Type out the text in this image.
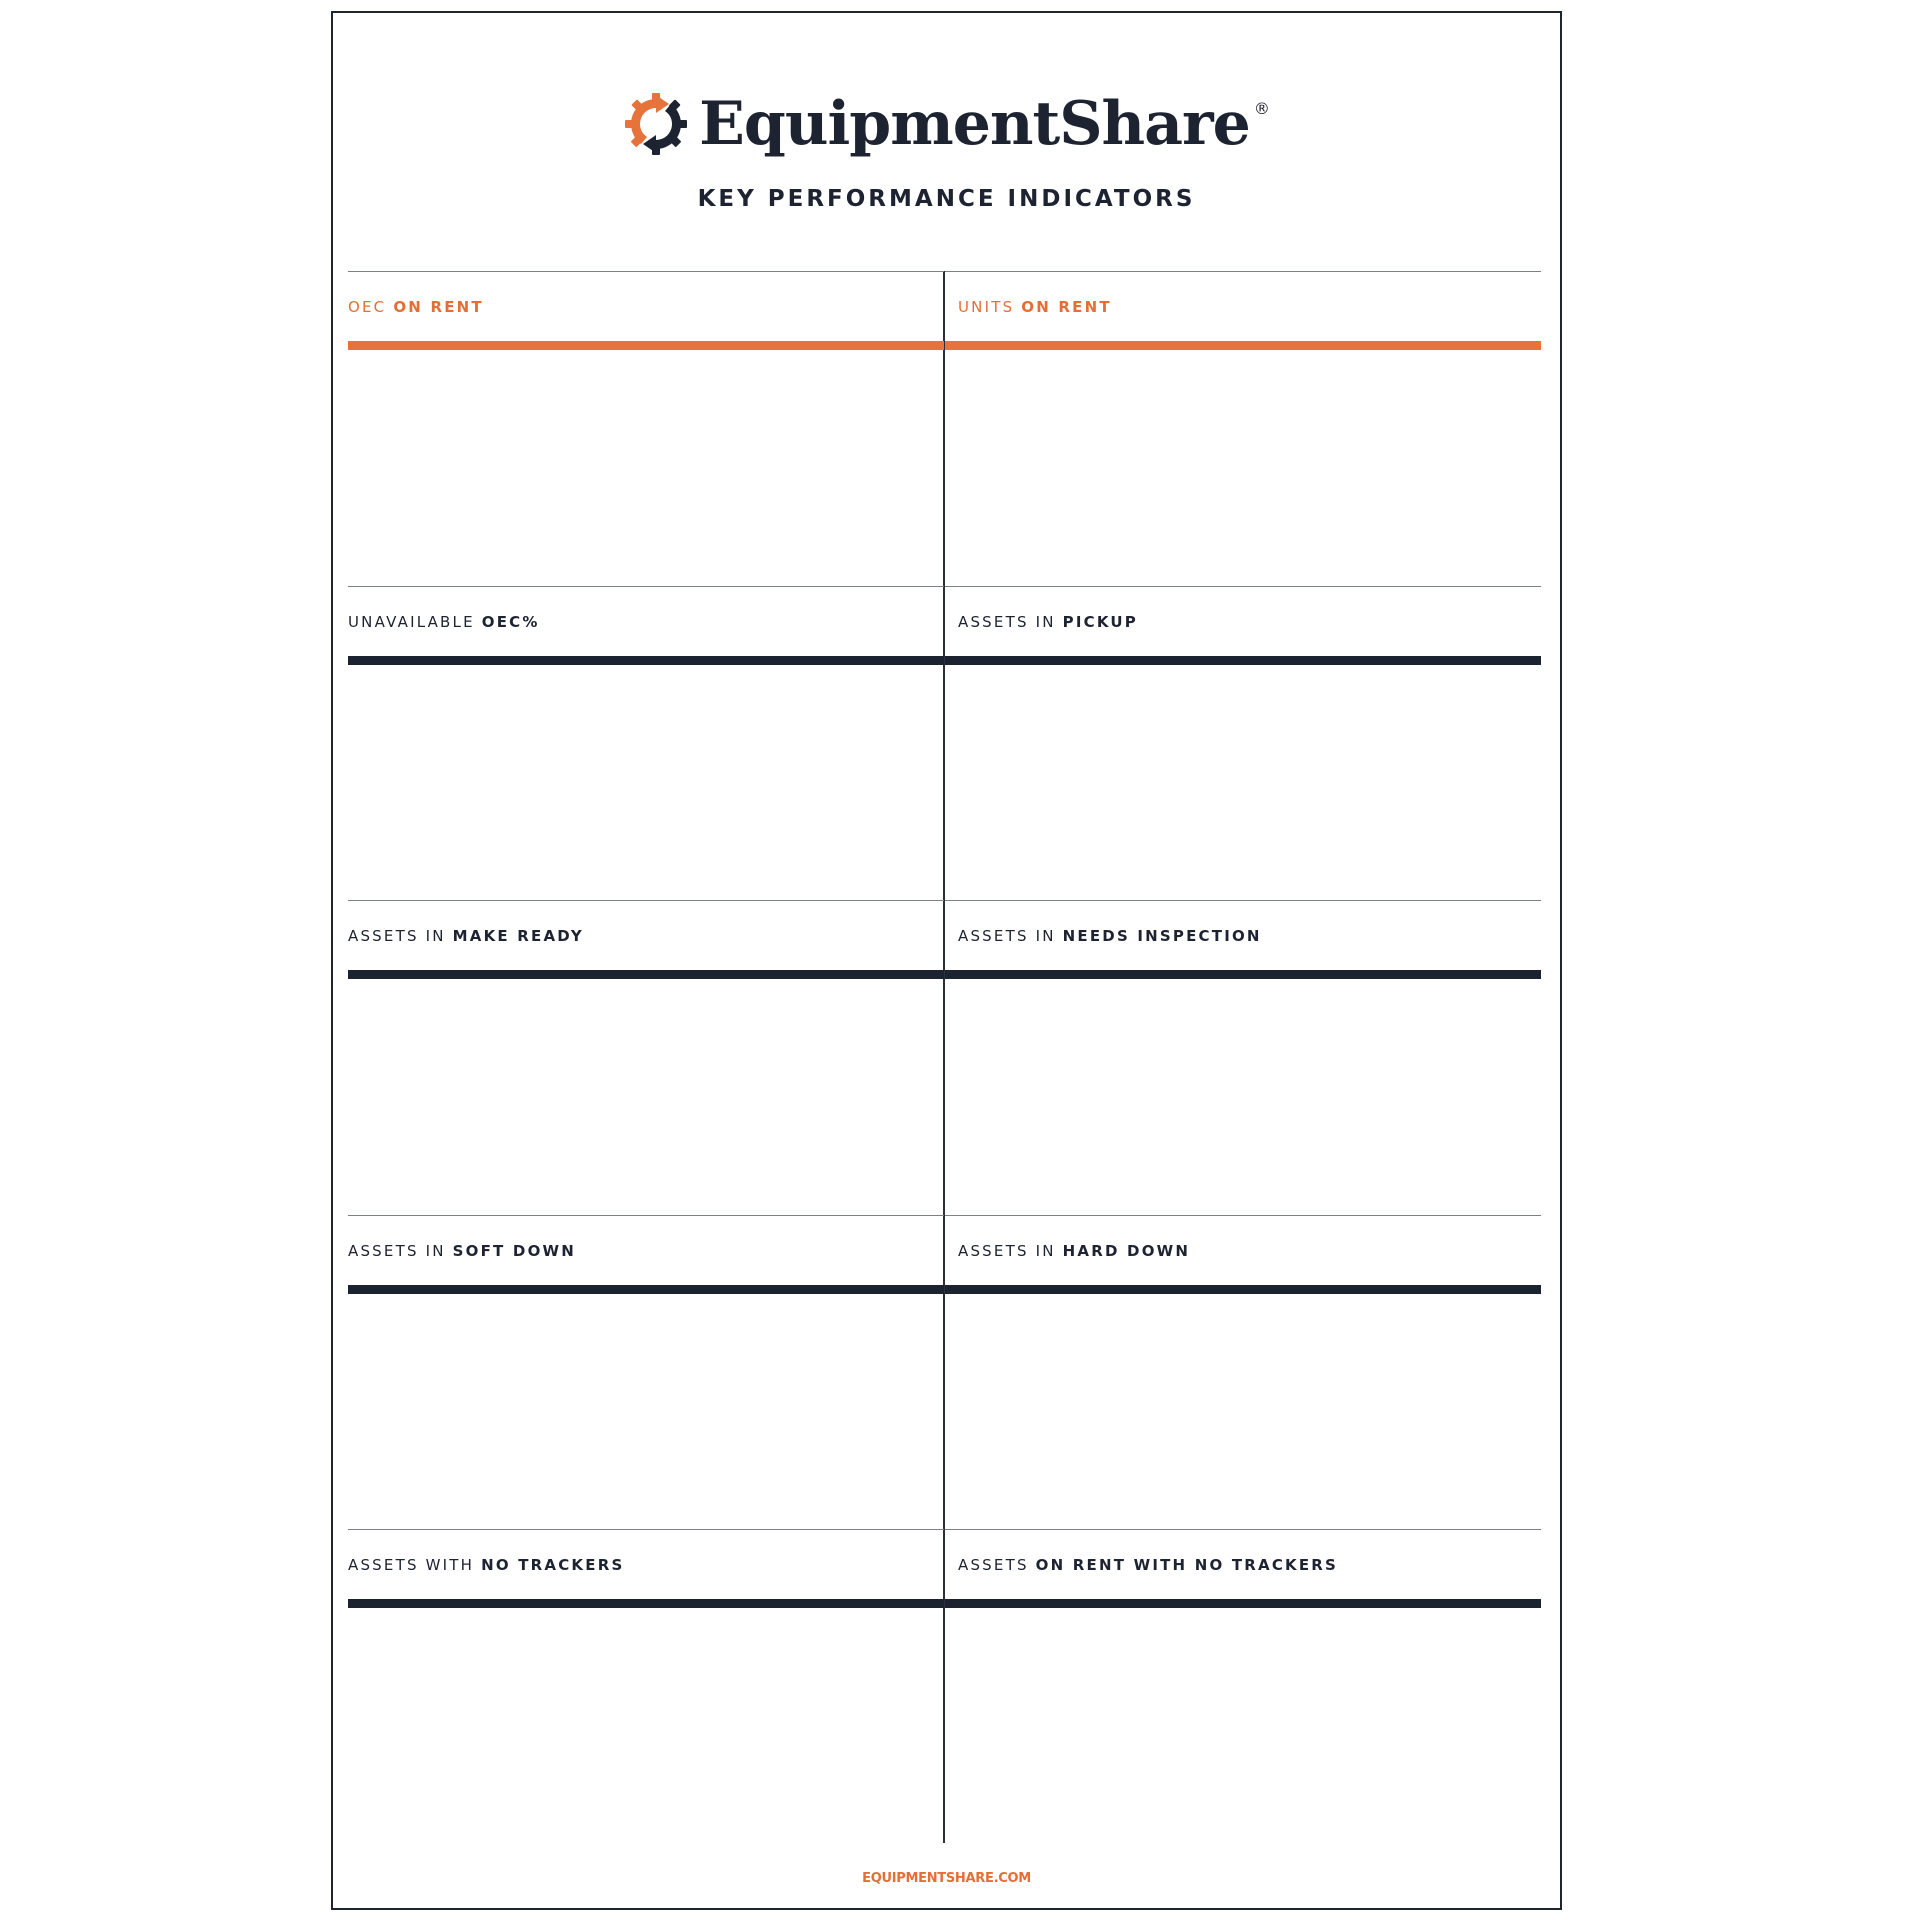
EquipmentShare ®
KEY PERFORMANCE INDICATORS
OEC ON RENT	UNITS ON RENT
UNAVAILABLE OEC%	ASSETS IN PICKUP
ASSETS IN MAKE READY	ASSETS IN NEEDS INSPECTION
ASSETS IN SOFT DOWN	ASSETS IN HARD DOWN
ASSETS WITH NO TRACKERS	ASSETS ON RENT WITH NO TRACKERS
EQUIPMENTSHARE.COM
